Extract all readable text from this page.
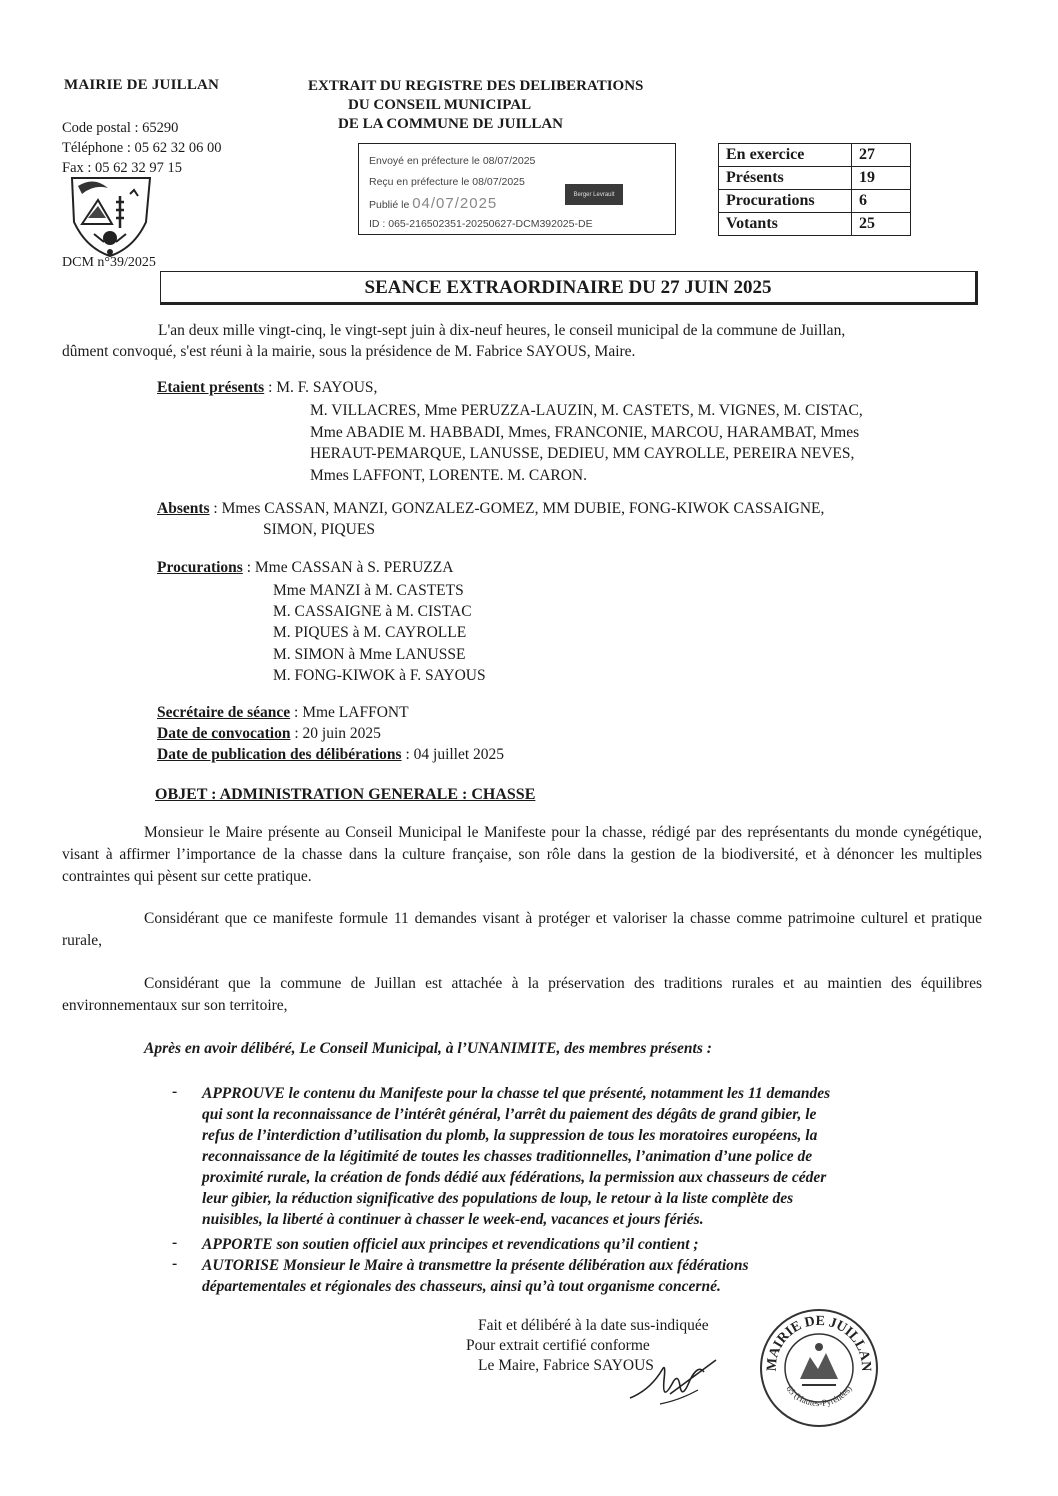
MAIRIE DE JUILLAN
Code postal : 65290
Téléphone : 05 62 32 06 00
Fax : 05 62 32 97 15
DCM n°39/2025
EXTRAIT DU REGISTRE DES DELIBERATIONS
DU CONSEIL MUNICIPAL
DE LA COMMUNE DE JUILLAN
Envoyé en préfecture le 08/07/2025
Reçu en préfecture le 08/07/2025
Publié le 04/07/2025
ID : 065-216502351-20250627-DCM392025-DE
Berger Levrault
En exercice	27
Présents	19
Procurations	6
Votants	25
SEANCE EXTRAORDINAIRE DU 27 JUIN 2025
L'an deux mille vingt-cinq, le vingt-sept juin à dix-neuf heures, le conseil municipal de la commune de Juillan,
dûment convoqué, s'est réuni à la mairie, sous la présidence de M. Fabrice SAYOUS, Maire.
Etaient présents : M. F. SAYOUS,
M. VILLACRES, Mme PERUZZA-LAUZIN, M. CASTETS, M. VIGNES, M. CISTAC,
Mme ABADIE M. HABBADI, Mmes, FRANCONIE, MARCOU, HARAMBAT, Mmes
HERAUT-PEMARQUE, LANUSSE, DEDIEU, MM CAYROLLE, PEREIRA NEVES,
Mmes LAFFONT, LORENTE. M. CARON.
Absents : Mmes CASSAN, MANZI, GONZALEZ-GOMEZ, MM DUBIE, FONG-KIWOK CASSAIGNE,
SIMON, PIQUES
Procurations : Mme CASSAN à S. PERUZZA
Mme MANZI à M. CASTETS
M. CASSAIGNE à M. CISTAC
M. PIQUES à M. CAYROLLE
M. SIMON à Mme LANUSSE
M. FONG-KIWOK à F. SAYOUS
Secrétaire de séance : Mme LAFFONT
Date de convocation : 20 juin 2025
Date de publication des délibérations : 04 juillet 2025
OBJET : ADMINISTRATION GENERALE : CHASSE
Monsieur le Maire présente au Conseil Municipal le Manifeste pour la chasse, rédigé par des représentants du monde cynégétique, visant à affirmer l’importance de la chasse dans la culture française, son rôle dans la gestion de la biodiversité, et à dénoncer les multiples contraintes qui pèsent sur cette pratique.
Considérant que ce manifeste formule 11 demandes visant à protéger et valoriser la chasse comme patrimoine culturel et pratique rurale,
Considérant que la commune de Juillan est attachée à la préservation des traditions rurales et au maintien des équilibres environnementaux sur son territoire,
Après en avoir délibéré, Le Conseil Municipal, à l’UNANIMITE, des membres présents :
- APPROUVE le contenu du Manifeste pour la chasse tel que présenté, notamment les 11 demandes
qui sont la reconnaissance de l’intérêt général, l’arrêt du paiement des dégâts de grand gibier, le
refus de l’interdiction d’utilisation du plomb, la suppression de tous les moratoires européens, la
reconnaissance de la légitimité de toutes les chasses traditionnelles, l’animation d’une police de
proximité rurale, la création de fonds dédié aux fédérations, la permission aux chasseurs de céder
leur gibier, la réduction significative des populations de loup, le retour à la liste complète des
nuisibles, la liberté à continuer à chasser le week-end, vacances et jours fériés.
- APPORTE son soutien officiel aux principes et revendications qu’il contient ;
- AUTORISE Monsieur le Maire à transmettre la présente délibération aux fédérations
départementales et régionales des chasseurs, ainsi qu’à tout organisme concerné.
Fait et délibéré à la date sus-indiquée
Pour extrait certifié conforme
Le Maire, Fabrice SAYOUS	MAIRIE DE JUILLAN
65 (Hautes-Pyrénées)
